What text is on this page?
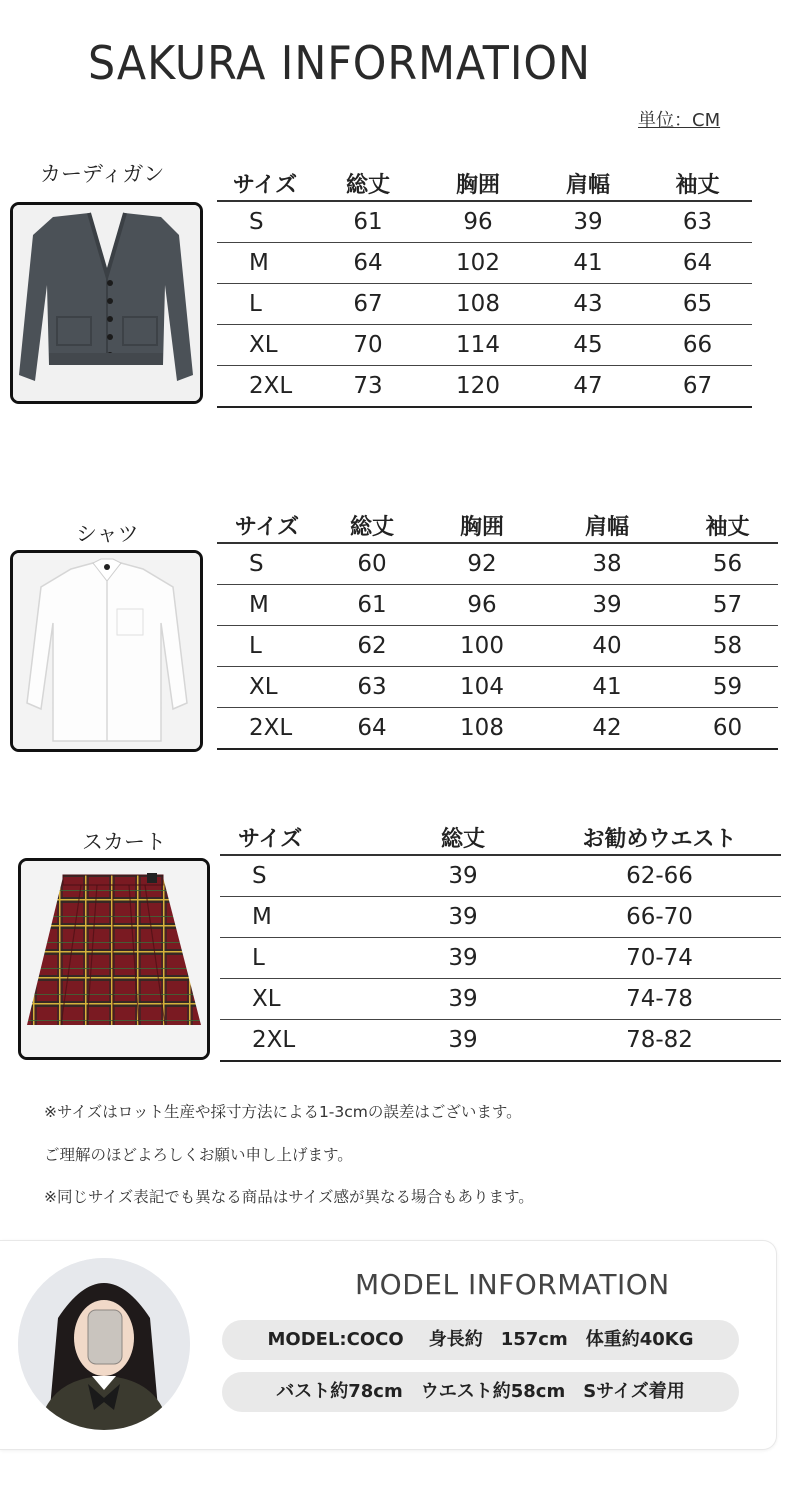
SAKURA INFORMATION
単位：CM
カーディガン	サイズ	総丈	胸囲	肩幅	袖丈
S	61	96	39	63
M	64	102	41	64
L	67	108	43	65
XL	70	114	45	66
2XL	73	120	47	67
シャツ	サイズ	総丈	胸囲	肩幅	袖丈
S	60	92	38	56
M	61	96	39	57
L	62	100	40	58
XL	63	104	41	59
2XL	64	108	42	60
スカート	サイズ	総丈	お勧めウエスト
S	39	62-66
M	39	66-70
L	39	70-74
XL	39	74-78
2XL	39	78-82
※サイズはロット生産や採寸方法による1-3cmの誤差はございます。
ご理解のほどよろしくお願い申し上げます。
※同じサイズ表記でも異なる商品はサイズ感が異なる場合もあります。
MODEL INFORMATION
MODEL:COCO    身長約　157cm　体重約40KG
バスト約78cm　ウエスト約58cm　Sサイズ着用
